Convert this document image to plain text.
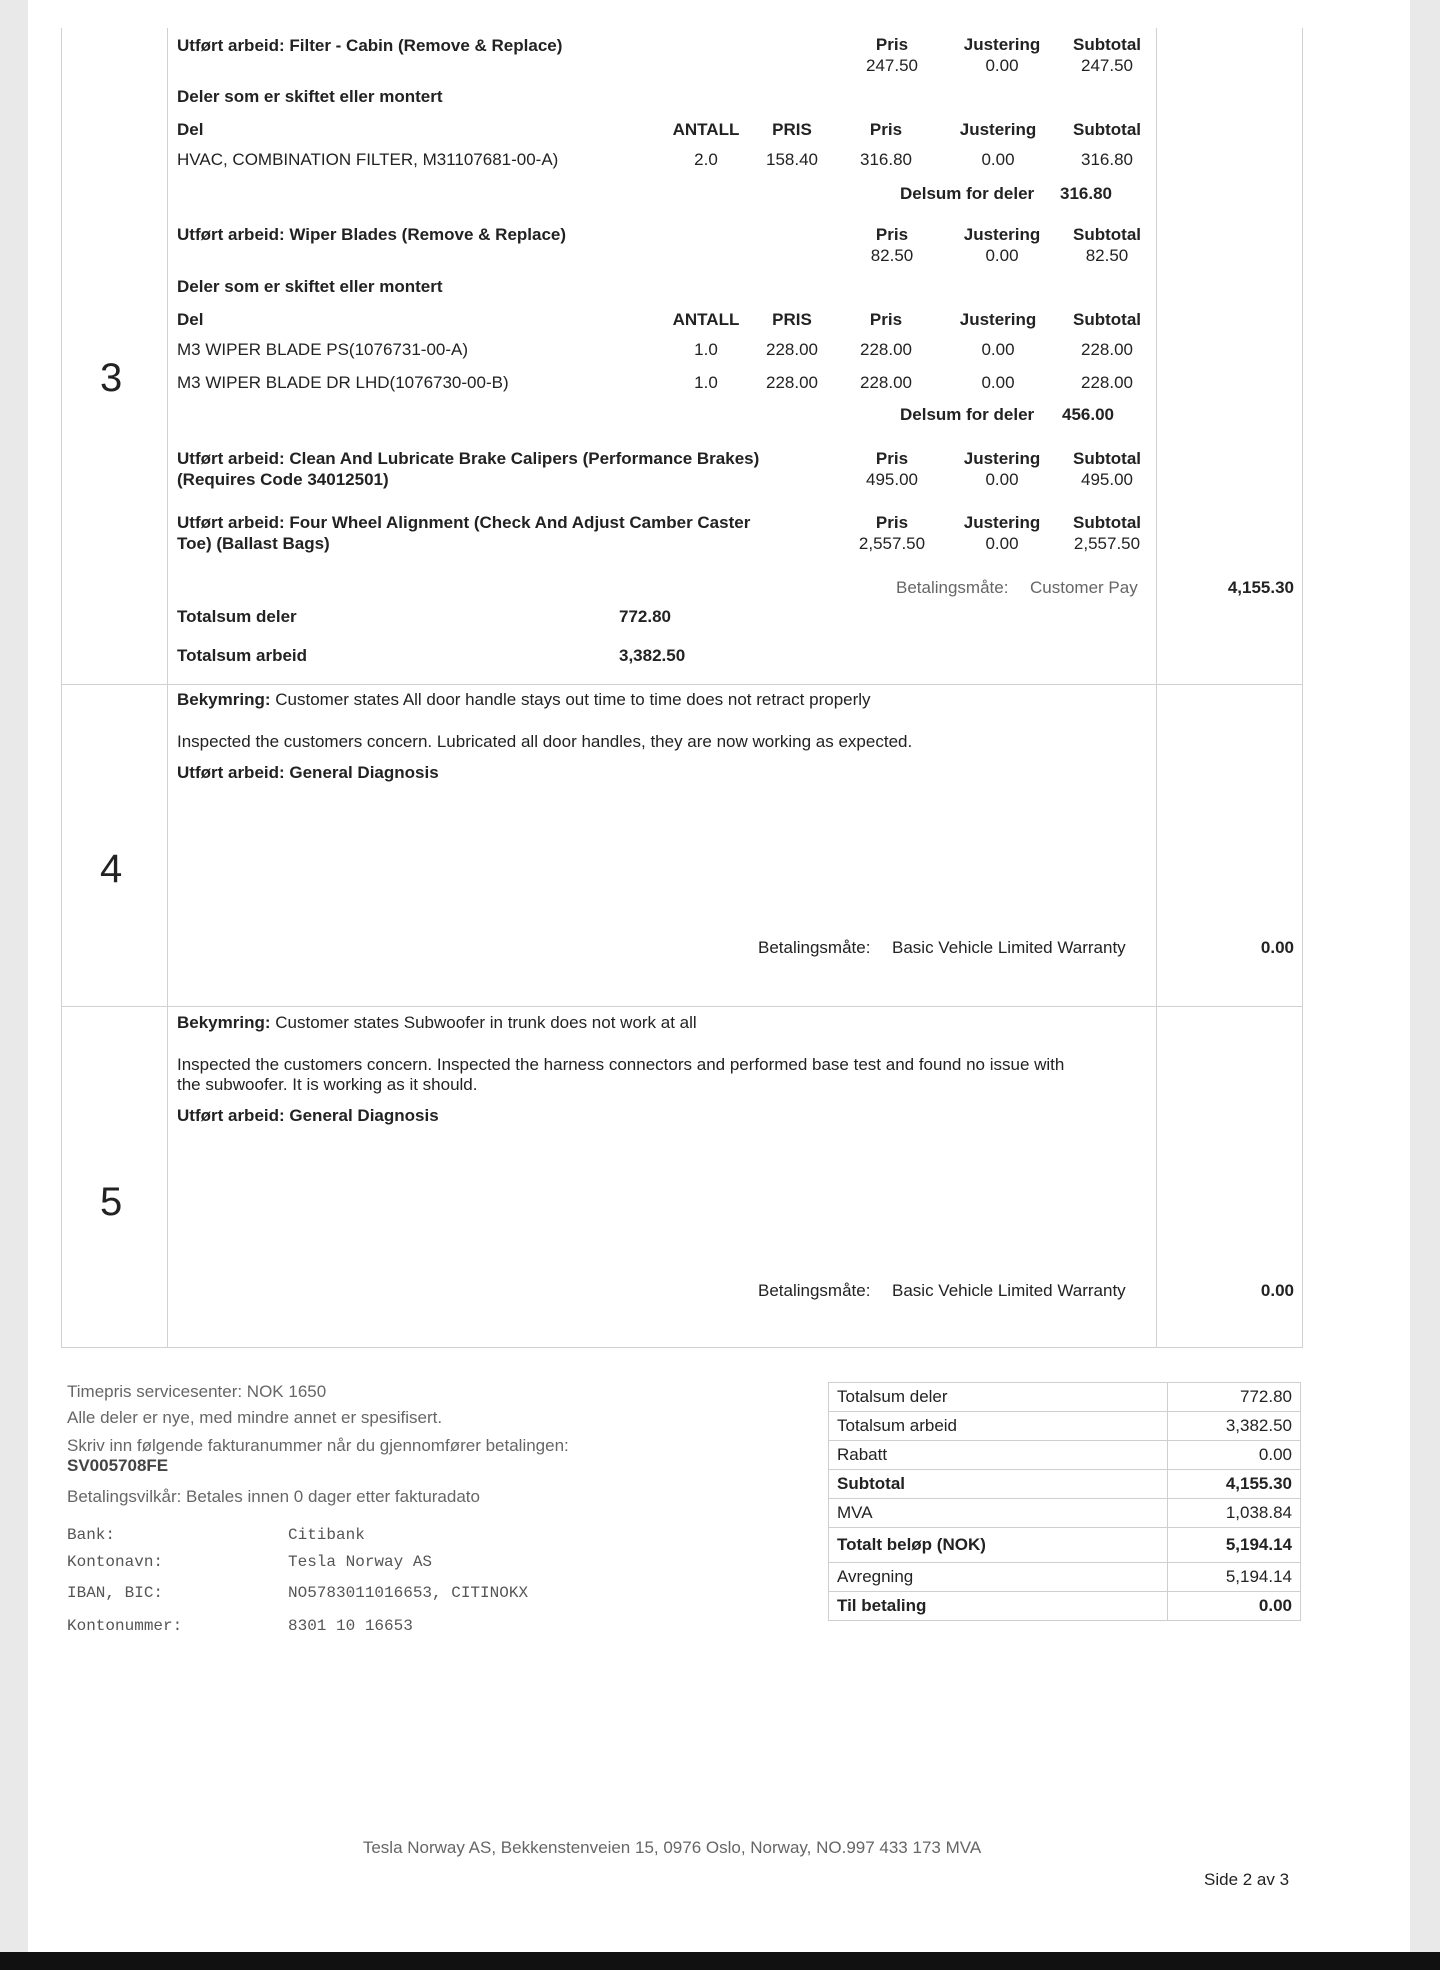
3
Utført arbeid: Filter - Cabin (Remove & Replace)	Pris	Justering	Subtotal
247.50	0.00	247.50
Deler som er skiftet eller montert
Del	ANTALL	PRIS	Pris	Justering	Subtotal
HVAC, COMBINATION FILTER, M31107681-00-A)	2.0	158.40	316.80	0.00	316.80
Delsum for deler 316.80
Utført arbeid: Wiper Blades (Remove & Replace)	Pris	Justering	Subtotal
82.50	0.00	82.50
Deler som er skiftet eller montert
Del	ANTALL	PRIS	Pris	Justering	Subtotal
M3 WIPER BLADE PS(1076731-00-A)	1.0	228.00	228.00	0.00	228.00
M3 WIPER BLADE DR LHD(1076730-00-B)	1.0	228.00	228.00	0.00	228.00
Delsum for deler 456.00
Utført arbeid: Clean And Lubricate Brake Calipers (Performance Brakes)
(Requires Code 34012501)
Pris	Justering	Subtotal
495.00	0.00	495.00
Utført arbeid: Four Wheel Alignment (Check And Adjust Camber Caster
Toe) (Ballast Bags)
Pris	Justering	Subtotal
2,557.50	0.00	2,557.50
Betalingsmåte: Customer Pay	4,155.30
Totalsum deler	772.80
Totalsum arbeid	3,382.50
4
Bekymring: Customer states All door handle stays out time to time does not retract properly
Inspected the customers concern. Lubricated all door handles, they are now working as expected.
Utført arbeid: General Diagnosis
Betalingsmåte: Basic Vehicle Limited Warranty	0.00
5
Bekymring: Customer states Subwoofer in trunk does not work at all
Inspected the customers concern. Inspected the harness connectors and performed base test and found no issue with
the subwoofer. It is working as it should.
Utført arbeid: General Diagnosis
Betalingsmåte: Basic Vehicle Limited Warranty	0.00
Timepris servicesenter: NOK 1650
Alle deler er nye, med mindre annet er spesifisert.
Skriv inn følgende fakturanummer når du gjennomfører betalingen:
SV005708FE
Betalingsvilkår: Betales innen 0 dager etter fakturadato
Bank:	Citibank
Kontonavn:	Tesla Norway AS
IBAN, BIC:	NO5783011016653, CITINOKX
Kontonummer:	8301 10 16653
Totalsum deler	772.80
Totalsum arbeid	3,382.50
Rabatt	0.00
Subtotal	4,155.30
MVA	1,038.84
Totalt beløp (NOK)	5,194.14
Avregning	5,194.14
Til betaling	0.00
Tesla Norway AS, Bekkenstenveien 15, 0976 Oslo, Norway, NO.997 433 173 MVA
Side 2 av 3
